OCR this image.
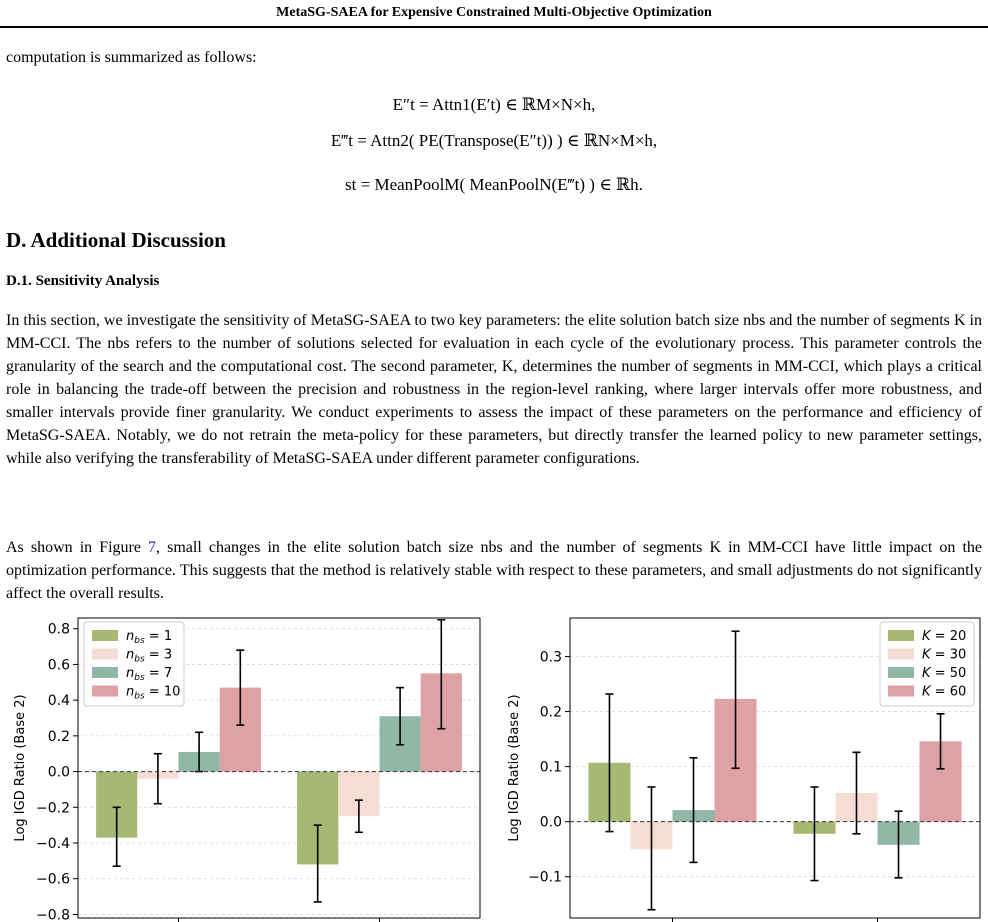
MetaSG-SAEA for Expensive Constrained Multi-Objective Optimization
computation is summarized as follows:
E″t = Attn1(E′t) ∈ ℝM×N×h,
E‴t = Attn2( PE(Transpose(E″t)) ) ∈ ℝN×M×h,
st = MeanPoolM( MeanPoolN(E‴t) ) ∈ ℝh.
D. Additional Discussion
D.1. Sensitivity Analysis
In this section, we investigate the sensitivity of MetaSG-SAEA to two key parameters: the elite solution batch size nbs and the number of segments K in MM-CCI. The nbs refers to the number of solutions selected for evaluation in each cycle of the evolutionary process. This parameter controls the granularity of the search and the computational cost. The second parameter, K, determines the number of segments in MM-CCI, which plays a critical role in balancing the trade-off between the precision and robustness in the region-level ranking, where larger intervals offer more robustness, and smaller intervals provide finer granularity. We conduct experiments to assess the impact of these parameters on the performance and efficiency of MetaSG-SAEA. Notably, we do not retrain the meta-policy for these parameters, but directly transfer the learned policy to new parameter settings, while also verifying the transferability of MetaSG-SAEA under different parameter configurations.
As shown in Figure 7, small changes in the elite solution batch size nbs and the number of segments K in MM-CCI have little impact on the optimization performance. This suggests that the method is relatively stable with respect to these parameters, and small adjustments do not significantly affect the overall results.
−0.8
−0.6
−0.4
−0.2
0.0
0.2
0.4
0.6
0.8
Log IGD Ratio (Base 2)
$n_{bs} = 1$
$n_{bs} = 3$
$n_{bs} = 7$
$n_{bs} = 10$
−0.1
0.0
0.1
0.2
0.3
Log IGD Ratio (Base 2)
K = 20
K = 30
K = 50
K = 60
